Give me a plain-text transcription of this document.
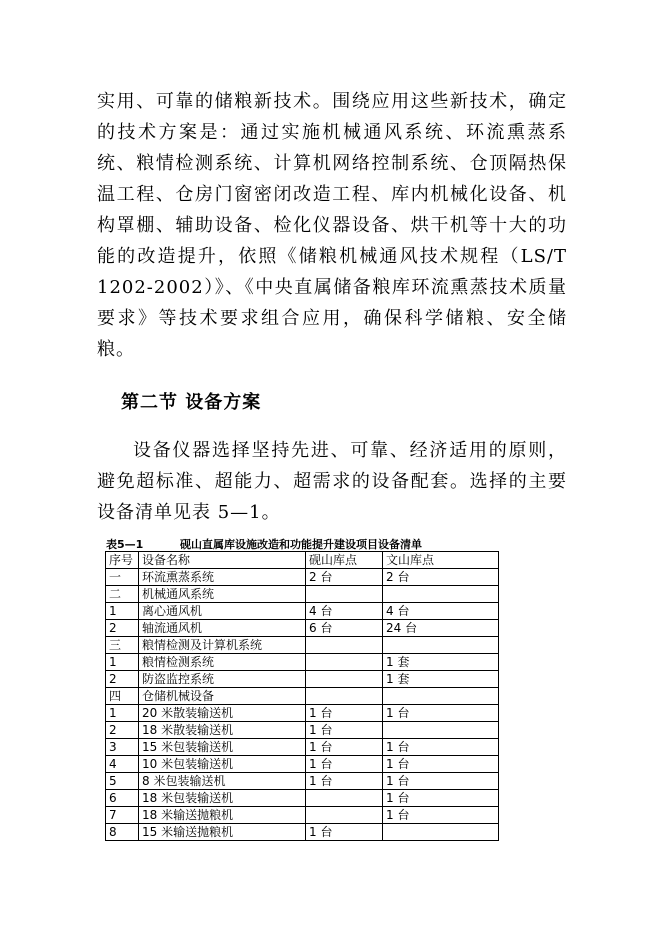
实用、可靠的储粮新技术。围绕应用这些新技术，确定的技术方案是：通过实施机械通风系统、环流熏蒸系统、粮情检测系统、计算机网络控制系统、仓顶隔热保温工程、仓房门窗密闭改造工程、库内机械化设备、机构罩棚、辅助设备、检化仪器设备、烘干机等十大的功能的改造提升，依照《储粮机械通风技术规程（LS/T 1202-2002）》、《中央直属储备粮库环流熏蒸技术质量要求》等技术要求组合应用，确保科学储粮、安全储粮。

第二节 设备方案

设备仪器选择坚持先进、可靠、经济适用的原则，避免超标准、超能力、超需求的设备配套。选择的主要设备清单见表 5—1。

表5—1	砚山直属库设施改造和功能提升建设项目设备清单
序号	设备名称	砚山库点	文山库点
一	环流熏蒸系统	2 台	2 台
二	机械通风系统		
1	离心通风机	4 台	4 台
2	轴流通风机	6 台	24 台
三	粮情检测及计算机系统		
1	粮情检测系统		1 套
2	防盗监控系统		1 套
四	仓储机械设备		
1	20 米散装输送机	1 台	1 台
2	18 米散装输送机	1 台	
3	15 米包装输送机	1 台	1 台
4	10 米包装输送机	1 台	1 台
5	8 米包装输送机	1 台	1 台
6	18 米包装输送机		1 台
7	18 米输送抛粮机		1 台
8	15 米输送抛粮机	1 台	
